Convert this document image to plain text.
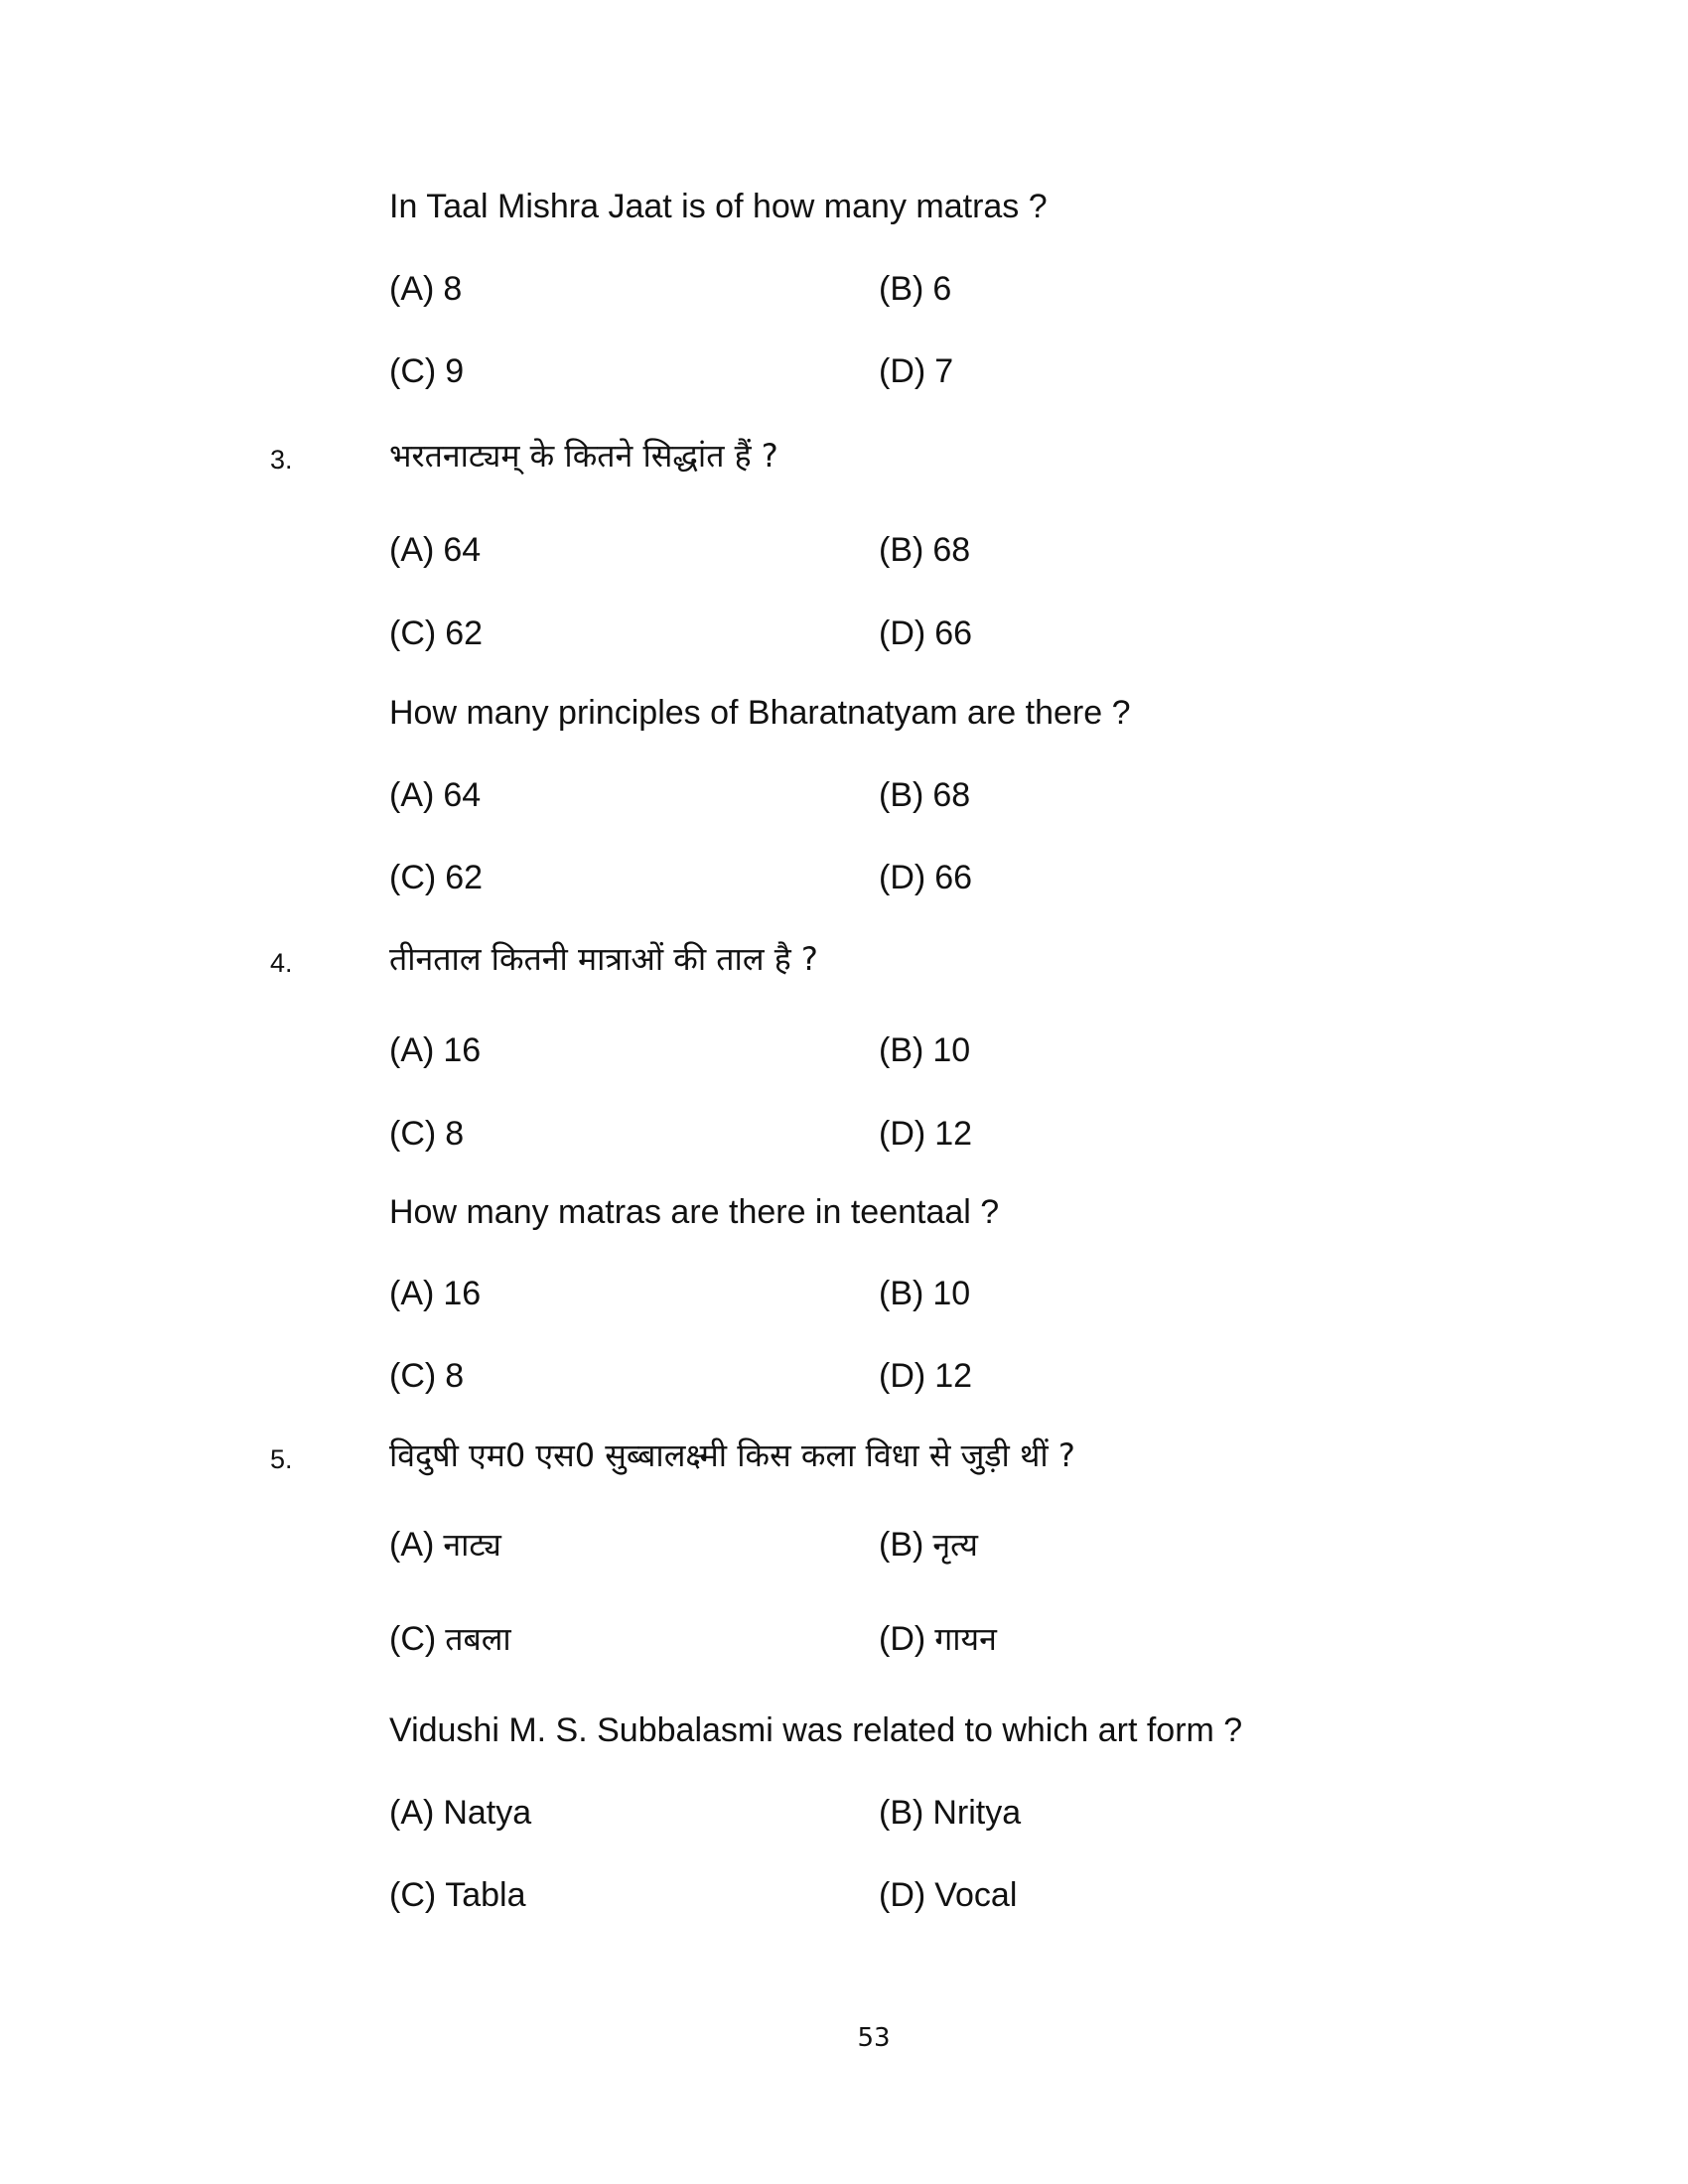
In Taal Mishra Jaat is of how many matras ?
(A) 8	(B) 6
(C) 9	(D) 7
3.	भरतनाट्यम् के कितने सिद्धांत हैं ?
(A) 64	(B) 68
(C) 62	(D) 66
How many principles of Bharatnatyam are there ?
(A) 64	(B) 68
(C) 62	(D) 66
4.	तीनताल कितनी मात्राओं की ताल है ?
(A) 16	(B) 10
(C) 8	(D) 12
How many matras are there in teentaal ?
(A) 16	(B) 10
(C) 8	(D) 12
5.	विदुषी एम0 एस0 सुब्बालक्ष्मी किस कला विधा से जुड़ी थीं ?
(A) नाट्य	(B) नृत्य
(C) तबला	(D) गायन
Vidushi M. S. Subbalasmi was related to which art form ?
(A) Natya	(B) Nritya
(C) Tabla	(D) Vocal
53
